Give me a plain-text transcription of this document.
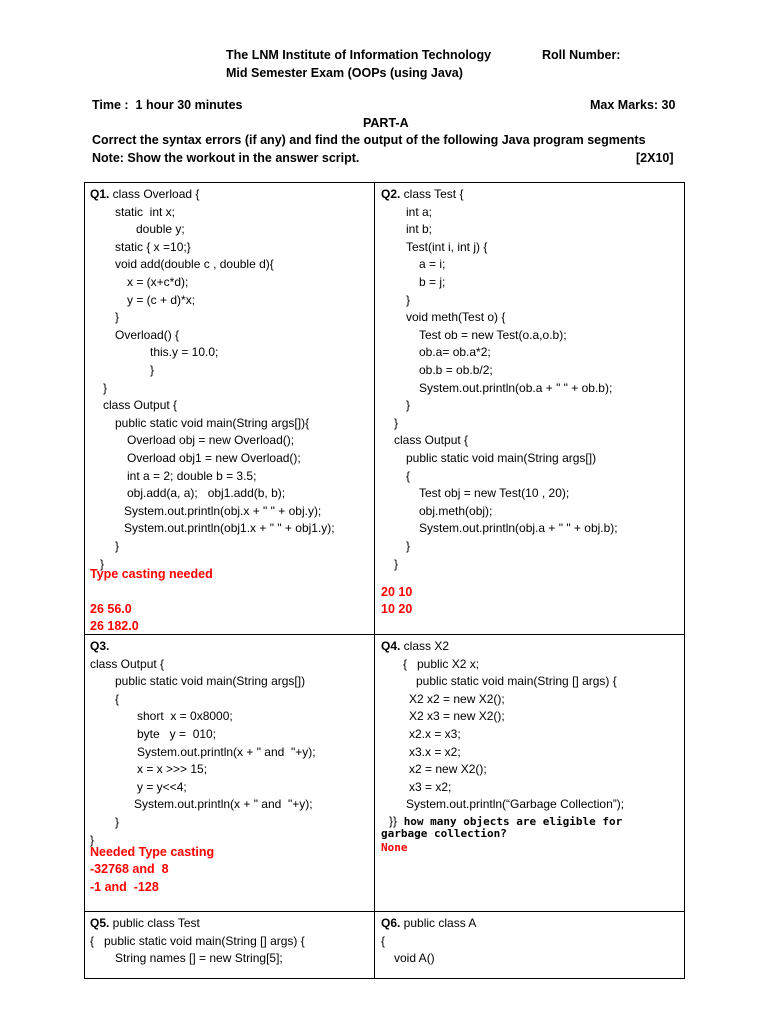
The LNM Institute of Information Technology	Roll Number:
Mid Semester Exam (OOPs (using Java)
Time :  1 hour 30 minutes	Max Marks: 30
PART-A
Correct the syntax errors (if any) and find the output of the following Java program segments
Note: Show the workout in the answer script.	[2X10]
Q1. class Overload {
static  int x;
double y;
static { x =10;}
void add(double c , double d){
x = (x+c*d);
y = (c + d)*x;
}
Overload() {
this.y = 10.0;
}
}
class Output {
public static void main(String args[]){
Overload obj = new Overload();
Overload obj1 = new Overload();
int a = 2; double b = 3.5;
obj.add(a, a);   obj1.add(b, b);
System.out.println(obj.x + " " + obj.y);
System.out.println(obj1.x + " " + obj1.y);
}
}
Type casting needed
26 56.0
26 182.0
Q2. class Test {
int a;
int b;
Test(int i, int j) {
a = i;
b = j;
}
void meth(Test o) {
Test ob = new Test(o.a,o.b);
ob.a= ob.a*2;
ob.b = ob.b/2;
System.out.println(ob.a + " " + ob.b);
}
}
class Output {
public static void main(String args[])
{
Test obj = new Test(10 , 20);
obj.meth(obj);
System.out.println(obj.a + " " + obj.b);
}
}
20 10
10 20
Q3.
class Output {
public static void main(String args[])
{
short  x = 0x8000;
byte   y =  010;
System.out.println(x + " and  "+y);
x = x >>> 15;
y = y<<4;
System.out.println(x + " and  "+y);
}
}
Needed Type casting
-32768 and  8
-1 and  -128
Q4. class X2
{   public X2 x;
public static void main(String [] args) {
X2 x2 = new X2();
X2 x3 = new X2();
x2.x = x3;
x3.x = x2;
x2 = new X2();
x3 = x2;
System.out.println(“Garbage Collection”);
}} how many objects are eligible for
garbage collection?
None
Q5. public class Test
{   public static void main(String [] args) {
String names [] = new String[5];
Q6. public class A
{
void A()
